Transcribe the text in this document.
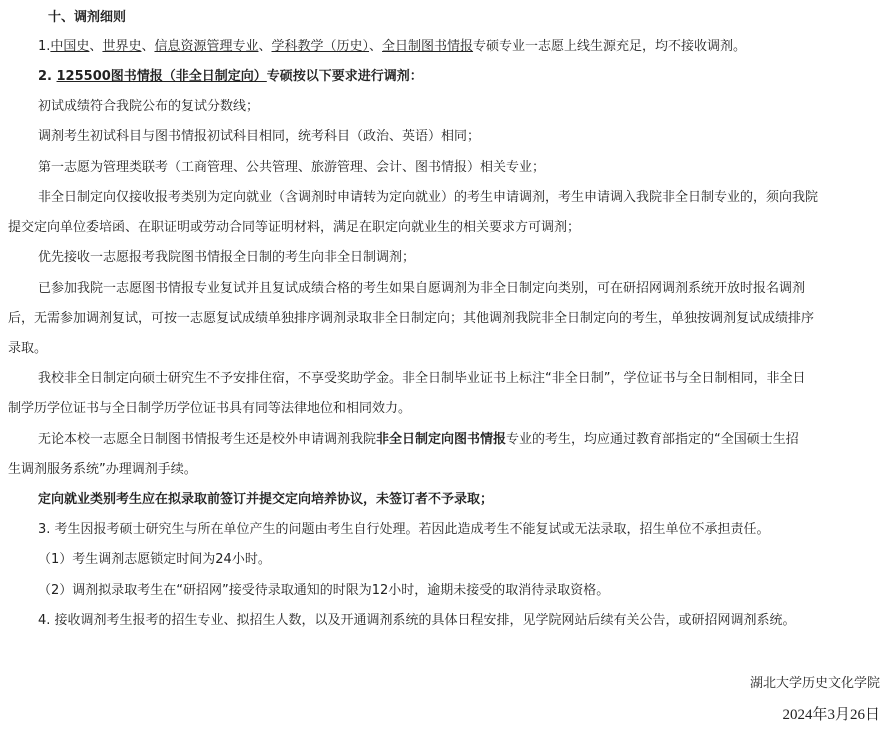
十、调剂细则
1.中国史、世界史、信息资源管理专业、学科教学（历史）、全日制图书情报专硕专业一志愿上线生源充足，均不接收调剂。
2. 125500图书情报（非全日制定向）专硕按以下要求进行调剂：
初试成绩符合我院公布的复试分数线；
调剂考生初试科目与图书情报初试科目相同，统考科目（政治、英语）相同；
第一志愿为管理类联考（工商管理、公共管理、旅游管理、会计、图书情报）相关专业；
非全日制定向仅接收报考类别为定向就业（含调剂时申请转为定向就业）的考生申请调剂，考生申请调入我院非全日制专业的，须向我院
提交定向单位委培函、在职证明或劳动合同等证明材料，满足在职定向就业生的相关要求方可调剂；
优先接收一志愿报考我院图书情报全日制的考生向非全日制调剂；
已参加我院一志愿图书情报专业复试并且复试成绩合格的考生如果自愿调剂为非全日制定向类别，可在研招网调剂系统开放时报名调剂
后，无需参加调剂复试，可按一志愿复试成绩单独排序调剂录取非全日制定向；其他调剂我院非全日制定向的考生，单独按调剂复试成绩排序
录取。
我校非全日制定向硕士研究生不予安排住宿，不享受奖助学金。非全日制毕业证书上标注“非全日制”，学位证书与全日制相同，非全日
制学历学位证书与全日制学历学位证书具有同等法律地位和相同效力。
无论本校一志愿全日制图书情报考生还是校外申请调剂我院非全日制定向图书情报专业的考生，均应通过教育部指定的“全国硕士生招
生调剂服务系统”办理调剂手续。
定向就业类别考生应在拟录取前签订并提交定向培养协议，未签订者不予录取；
3. 考生因报考硕士研究生与所在单位产生的问题由考生自行处理。若因此造成考生不能复试或无法录取，招生单位不承担责任。
（1）考生调剂志愿锁定时间为24小时。
（2）调剂拟录取考生在“研招网”接受待录取通知的时限为12小时，逾期未接受的取消待录取资格。
4. 接收调剂考生报考的招生专业、拟招生人数，以及开通调剂系统的具体日程安排，见学院网站后续有关公告，或研招网调剂系统。
湖北大学历史文化学院
2024年3月26日
